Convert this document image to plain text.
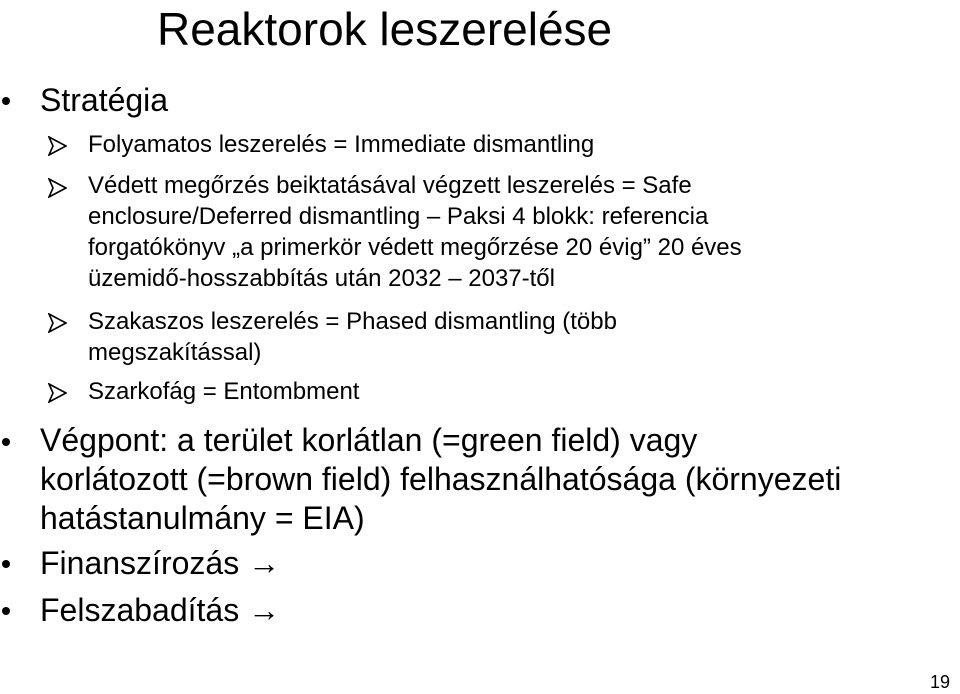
Reaktorok leszerelése
Stratégia
Folyamatos leszerelés = Immediate dismantling
Védett megőrzés beiktatásával végzett leszerelés = Safe
enclosure/Deferred dismantling – Paksi 4 blokk: referencia
forgatókönyv „a primerkör védett megőrzése 20 évig” 20 éves
üzemidő-hosszabbítás után 2032 – 2037-től
Szakaszos leszerelés = Phased dismantling (több
megszakítással)
Szarkofág = Entombment
Végpont: a terület korlátlan (=green field) vagy
korlátozott (=brown field) felhasználhatósága (környezeti
hatástanulmány = EIA)
Finanszírozás →
Felszabadítás →
19
